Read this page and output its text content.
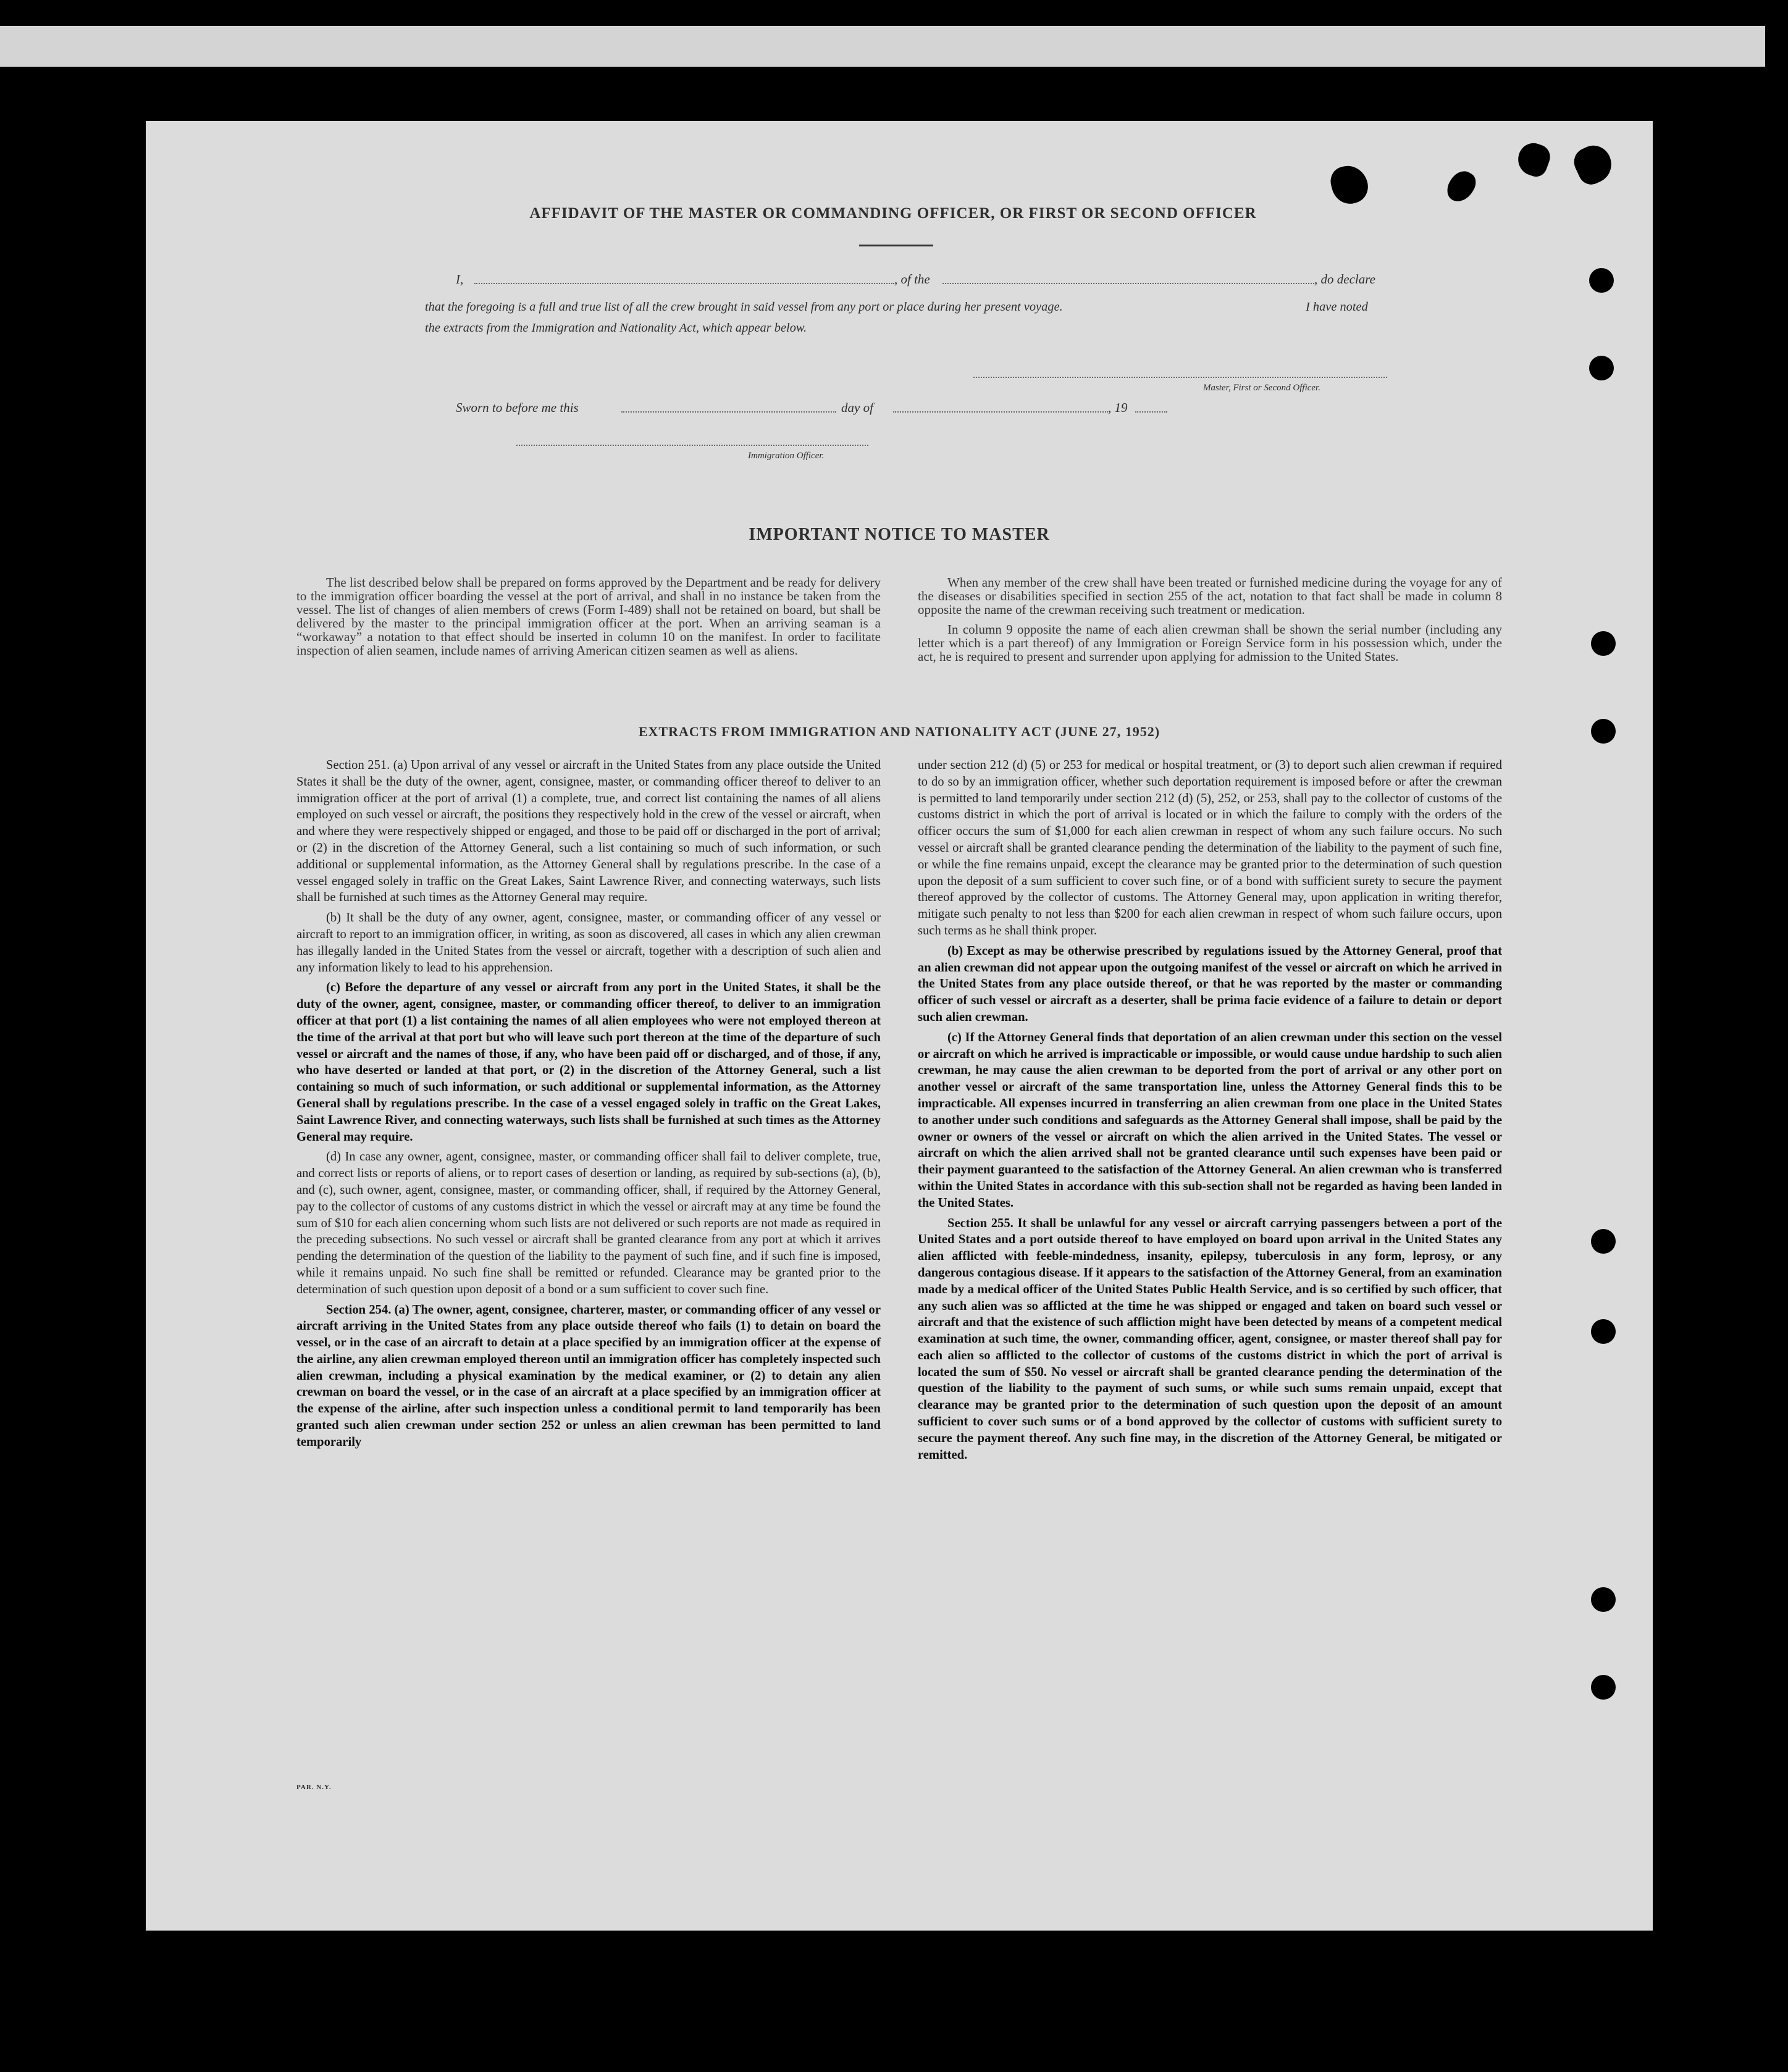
AFFIDAVIT OF THE MASTER OR COMMANDING OFFICER, OR FIRST OR SECOND OFFICER
I,	, of the	, do declare
that the foregoing is a full and true list of all the crew brought in said vessel from any port or place during her present voyage.	I have noted
the extracts from the Immigration and Nationality Act, which appear below.
Master, First or Second Officer.
Sworn to before me this	day of	, 19
Immigration Officer.
IMPORTANT NOTICE TO MASTER

The list described below shall be prepared on forms approved by the Department and be ready for delivery to the immigration officer boarding the vessel at the port of arrival, and shall in no instance be taken from the vessel. The list of changes of alien members of crews (Form I-489) shall not be retained on board, but shall be delivered by the master to the principal immigration officer at the port. When an arriving seaman is a “workaway” a notation to that effect should be inserted in column 10 on the manifest. In order to facilitate inspection of alien seamen, include names of arriving American citizen seamen as well as aliens.

When any member of the crew shall have been treated or furnished medicine during the voyage for any of the diseases or disabilities specified in section 255 of the act, notation to that fact shall be made in column 8 opposite the name of the crewman receiving such treatment or medication.

In column 9 opposite the name of each alien crewman shall be shown the serial number (including any letter which is a part thereof) of any Immigration or Foreign Service form in his possession which, under the act, he is required to present and surrender upon applying for admission to the United States.

EXTRACTS FROM IMMIGRATION AND NATIONALITY ACT (JUNE 27, 1952)

Section 251. (a) Upon arrival of any vessel or aircraft in the United States from any place outside the United States it shall be the duty of the owner, agent, consignee, master, or commanding officer thereof to deliver to an immigration officer at the port of arrival (1) a complete, true, and correct list containing the names of all aliens employed on such vessel or aircraft, the positions they respectively hold in the crew of the vessel or aircraft, when and where they were respectively shipped or engaged, and those to be paid off or discharged in the port of arrival; or (2) in the discretion of the Attorney General, such a list containing so much of such information, or such additional or supplemental information, as the Attorney General shall by regulations prescribe. In the case of a vessel engaged solely in traffic on the Great Lakes, Saint Lawrence River, and connecting waterways, such lists shall be furnished at such times as the Attorney General may require.

(b) It shall be the duty of any owner, agent, consignee, master, or commanding officer of any vessel or aircraft to report to an immigration officer, in writing, as soon as discovered, all cases in which any alien crewman has illegally landed in the United States from the vessel or aircraft, together with a description of such alien and any information likely to lead to his apprehension.

(c) Before the departure of any vessel or aircraft from any port in the United States, it shall be the duty of the owner, agent, consignee, master, or commanding officer thereof, to deliver to an immigration officer at that port (1) a list containing the names of all alien employees who were not employed thereon at the time of the arrival at that port but who will leave such port thereon at the time of the departure of such vessel or aircraft and the names of those, if any, who have been paid off or discharged, and of those, if any, who have deserted or landed at that port, or (2) in the discretion of the Attorney General, such a list containing so much of such information, or such additional or supplemental information, as the Attorney General shall by regulations prescribe. In the case of a vessel engaged solely in traffic on the Great Lakes, Saint Lawrence River, and connecting waterways, such lists shall be furnished at such times as the Attorney General may require.

(d) In case any owner, agent, consignee, master, or commanding officer shall fail to deliver complete, true, and correct lists or reports of aliens, or to report cases of desertion or landing, as required by sub-sections (a), (b), and (c), such owner, agent, consignee, master, or commanding officer, shall, if required by the Attorney General, pay to the collector of customs of any customs district in which the vessel or aircraft may at any time be found the sum of $10 for each alien concerning whom such lists are not delivered or such reports are not made as required in the preceding subsections. No such vessel or aircraft shall be granted clearance from any port at which it arrives pending the determination of the question of the liability to the payment of such fine, and if such fine is imposed, while it remains unpaid. No such fine shall be remitted or refunded. Clearance may be granted prior to the determination of such question upon deposit of a bond or a sum sufficient to cover such fine.

Section 254. (a) The owner, agent, consignee, charterer, master, or commanding officer of any vessel or aircraft arriving in the United States from any place outside thereof who fails (1) to detain on board the vessel, or in the case of an aircraft to detain at a place specified by an immigration officer at the expense of the airline, any alien crewman employed thereon until an immigration officer has completely inspected such alien crewman, including a physical examination by the medical examiner, or (2) to detain any alien crewman on board the vessel, or in the case of an aircraft at a place specified by an immigration officer at the expense of the airline, after such inspection unless a conditional permit to land temporarily has been granted such alien crewman under section 252 or unless an alien crewman has been permitted to land temporarily

under section 212 (d) (5) or 253 for medical or hospital treatment, or (3) to deport such alien crewman if required to do so by an immigration officer, whether such deportation requirement is imposed before or after the crewman is permitted to land temporarily under section 212 (d) (5), 252, or 253, shall pay to the collector of customs of the customs district in which the port of arrival is located or in which the failure to comply with the orders of the officer occurs the sum of $1,000 for each alien crewman in respect of whom any such failure occurs. No such vessel or aircraft shall be granted clearance pending the determination of the liability to the payment of such fine, or while the fine remains unpaid, except the clearance may be granted prior to the determination of such question upon the deposit of a sum sufficient to cover such fine, or of a bond with sufficient surety to secure the payment thereof approved by the collector of customs. The Attorney General may, upon application in writing therefor, mitigate such penalty to not less than $200 for each alien crewman in respect of whom such failure occurs, upon such terms as he shall think proper.

(b) Except as may be otherwise prescribed by regulations issued by the Attorney General, proof that an alien crewman did not appear upon the outgoing manifest of the vessel or aircraft on which he arrived in the United States from any place outside thereof, or that he was reported by the master or commanding officer of such vessel or aircraft as a deserter, shall be prima facie evidence of a failure to detain or deport such alien crewman.

(c) If the Attorney General finds that deportation of an alien crewman under this section on the vessel or aircraft on which he arrived is impracticable or impossible, or would cause undue hardship to such alien crewman, he may cause the alien crewman to be deported from the port of arrival or any other port on another vessel or aircraft of the same transportation line, unless the Attorney General finds this to be impracticable. All expenses incurred in transferring an alien crewman from one place in the United States to another under such conditions and safeguards as the Attorney General shall impose, shall be paid by the owner or owners of the vessel or aircraft on which the alien arrived in the United States. The vessel or aircraft on which the alien arrived shall not be granted clearance until such expenses have been paid or their payment guaranteed to the satisfaction of the Attorney General. An alien crewman who is transferred within the United States in accordance with this sub-section shall not be regarded as having been landed in the United States.

Section 255. It shall be unlawful for any vessel or aircraft carrying passengers between a port of the United States and a port outside thereof to have employed on board upon arrival in the United States any alien afflicted with feeble-mindedness, insanity, epilepsy, tuberculosis in any form, leprosy, or any dangerous contagious disease. If it appears to the satisfaction of the Attorney General, from an examination made by a medical officer of the United States Public Health Service, and is so certified by such officer, that any such alien was so afflicted at the time he was shipped or engaged and taken on board such vessel or aircraft and that the existence of such affliction might have been detected by means of a competent medical examination at such time, the owner, commanding officer, agent, consignee, or master thereof shall pay for each alien so afflicted to the collector of customs of the customs district in which the port of arrival is located the sum of $50. No vessel or aircraft shall be granted clearance pending the determination of the question of the liability to the payment of such sums, or while such sums remain unpaid, except that clearance may be granted prior to the determination of such question upon the deposit of an amount sufficient to cover such sums or of a bond approved by the collector of customs with sufficient surety to secure the payment thereof. Any such fine may, in the discretion of the Attorney General, be mitigated or remitted.

PAR. N.Y.
